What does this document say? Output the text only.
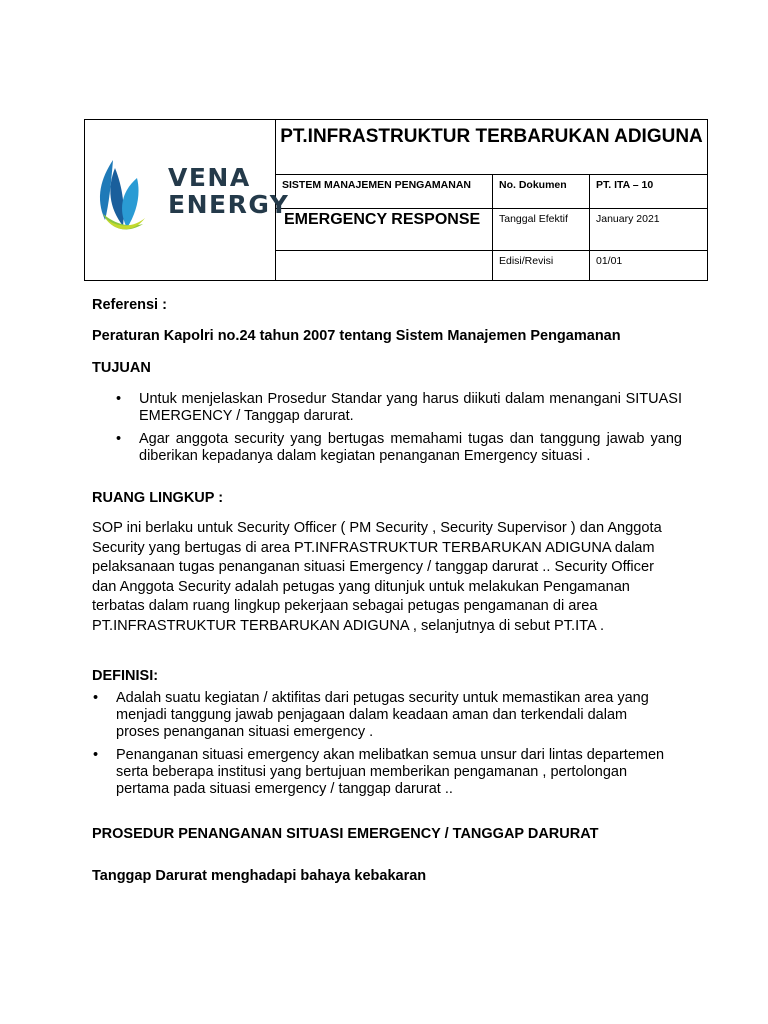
VENA
ENERGY	PT.INFRASTRUKTUR TERBARUKAN ADIGUNA		
	SISTEM MANAJEMEN PENGAMANAN	No. Dokumen	PT. ITA – 10
	EMERGENCY RESPONSE	Tanggal Efektif	January 2021
		Edisi/Revisi	01/01

Referensi :

Peraturan Kapolri no.24 tahun 2007 tentang Sistem Manajemen Pengamanan

TUJUAN

• Untuk menjelaskan Prosedur Standar yang harus diikuti dalam menangani SITUASI EMERGENCY / Tanggap darurat.
• Agar anggota security yang bertugas memahami tugas dan tanggung jawab yang diberikan kepadanya dalam kegiatan penanganan Emergency situasi .

RUANG LINGKUP :

SOP ini berlaku untuk Security Officer ( PM Security , Security Supervisor ) dan Anggota Security yang bertugas di area PT.INFRASTRUKTUR TERBARUKAN ADIGUNA dalam pelaksanaan tugas penanganan situasi Emergency / tanggap darurat .. Security Officer dan Anggota Security adalah petugas yang ditunjuk untuk melakukan Pengamanan terbatas dalam ruang lingkup pekerjaan sebagai petugas pengamanan di area PT.INFRASTRUKTUR TERBARUKAN ADIGUNA , selanjutnya di sebut PT.ITA .

DEFINISI:

• Adalah suatu kegiatan / aktifitas dari petugas security untuk memastikan area yang menjadi tanggung jawab penjagaan dalam keadaan aman dan terkendali dalam proses penanganan situasi emergency .
• Penanganan situasi emergency akan melibatkan semua unsur dari lintas departemen serta beberapa institusi yang bertujuan memberikan pengamanan , pertolongan pertama pada situasi emergency / tanggap darurat ..

PROSEDUR PENANGANAN SITUASI EMERGENCY / TANGGAP DARURAT

Tanggap Darurat menghadapi bahaya kebakaran
